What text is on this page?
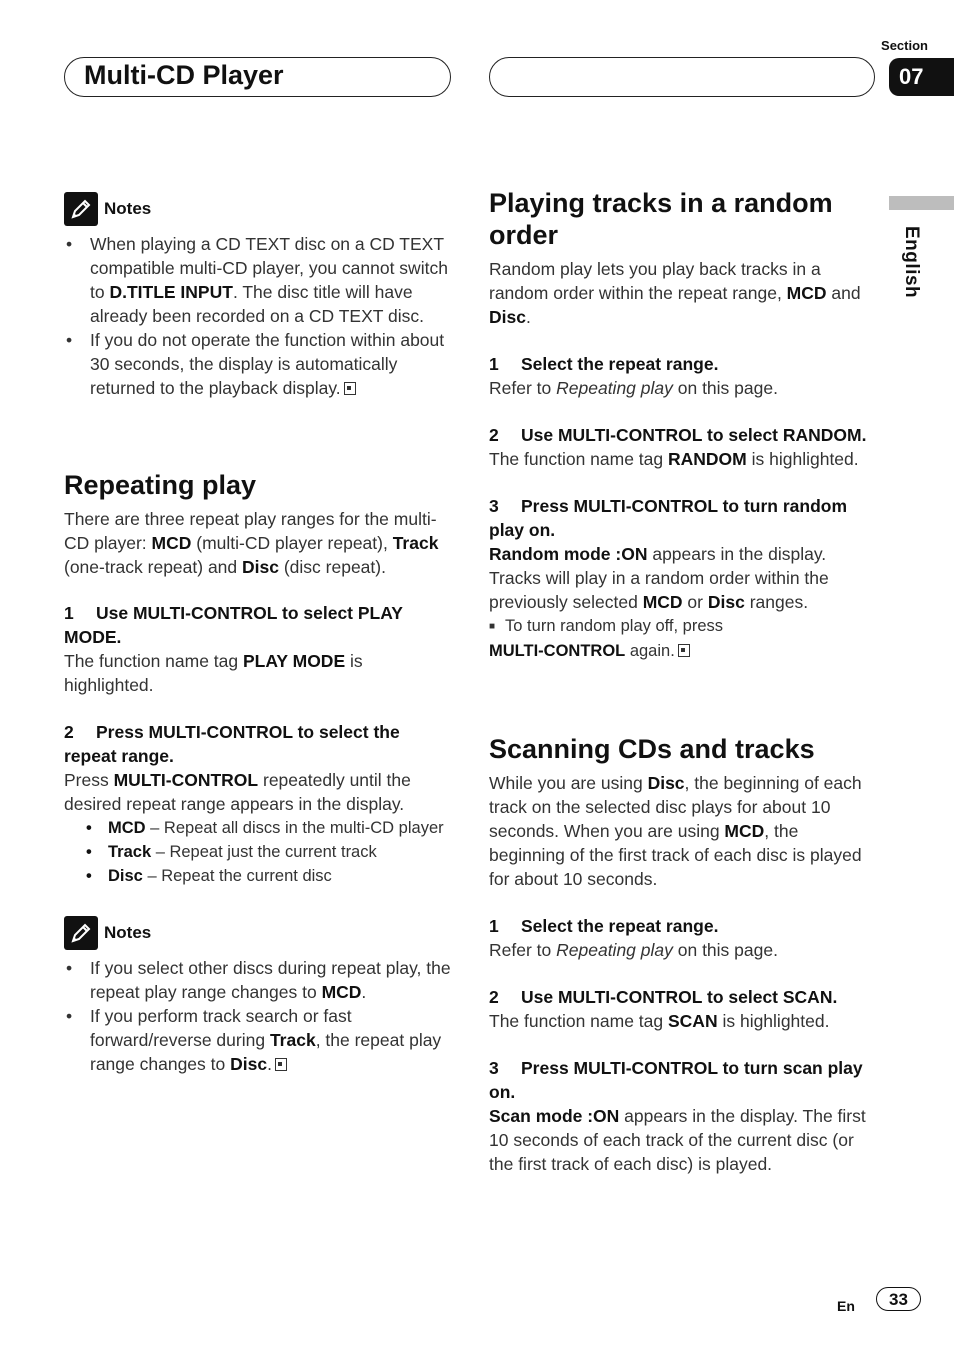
Multi-CD Player
Section
07
English
Notes
• When playing a CD TEXT disc on a CD TEXT compatible multi-CD player, you cannot switch to D.TITLE INPUT. The disc title will have already been recorded on a CD TEXT disc.
• If you do not operate the function within about 30 seconds, the display is automatically returned to the playback display.
Repeating play

There are three repeat play ranges for the multi-CD player: MCD (multi-CD player repeat), Track (one-track repeat) and Disc (disc repeat).

1 Use MULTI-CONTROL to select PLAY MODE.

The function name tag PLAY MODE is highlighted.

2 Press MULTI-CONTROL to select the repeat range.

Press MULTI-CONTROL repeatedly until the desired repeat range appears in the display.

• MCD – Repeat all discs in the multi-CD player
• Track – Repeat just the current track
• Disc – Repeat the current disc
Notes
• If you select other discs during repeat play, the repeat play range changes to MCD.
• If you perform track search or fast forward/reverse during Track, the repeat play range changes to Disc.
Playing tracks in a random order

Random play lets you play back tracks in a random order within the repeat range, MCD and Disc.

1 Select the repeat range.

Refer to Repeating play on this page.

2 Use MULTI-CONTROL to select RANDOM.

The function name tag RANDOM is highlighted.

3 Press MULTI-CONTROL to turn random play on.

Random mode :ON appears in the display. Tracks will play in a random order within the previously selected MCD or Disc ranges.

■ To turn random play off, press
MULTI-CONTROL again.

Scanning CDs and tracks

While you are using Disc, the beginning of each track on the selected disc plays for about 10 seconds. When you are using MCD, the beginning of the first track of each disc is played for about 10 seconds.

1 Select the repeat range.

Refer to Repeating play on this page.

2 Use MULTI-CONTROL to select SCAN.

The function name tag SCAN is highlighted.

3 Press MULTI-CONTROL to turn scan play on.

Scan mode :ON appears in the display. The first 10 seconds of each track of the current disc (or the first track of each disc) is played.

En	33
